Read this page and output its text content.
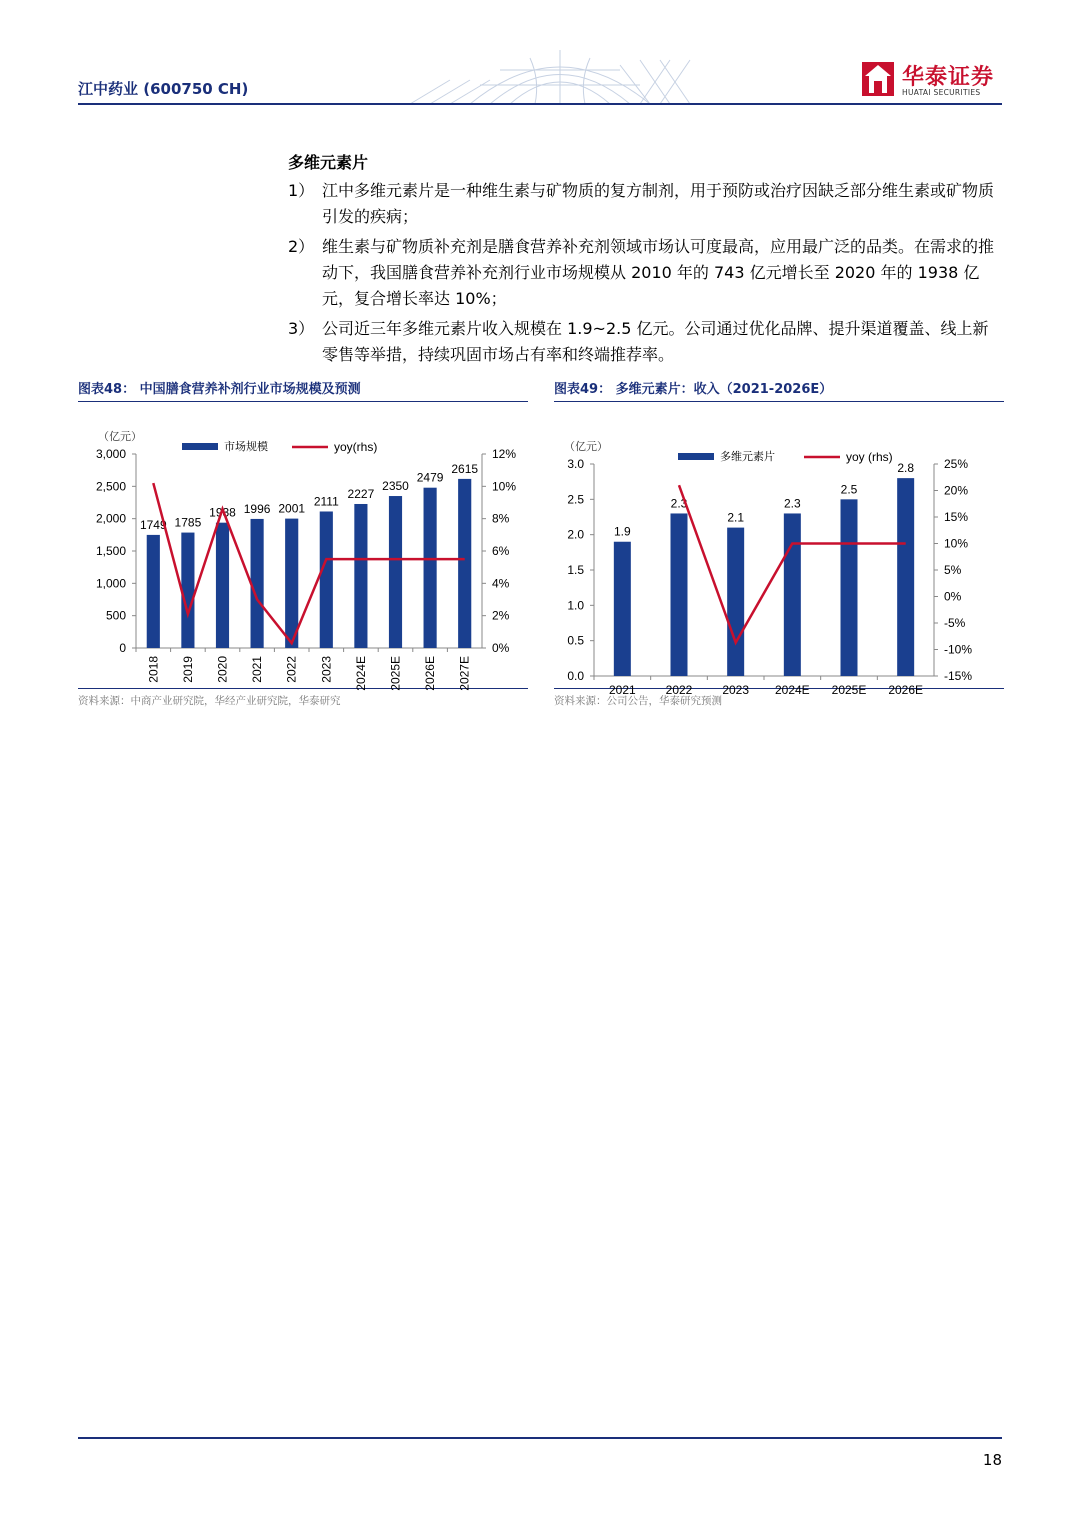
江中药业 (600750 CH)	华泰证券
HUATAI SECURITIES
多维元素片
1） 江中多维元素片是一种维生素与矿物质的复方制剂，用于预防或治疗因缺乏部分维生素或矿物质引发的疾病；
2） 维生素与矿物质补充剂是膳食营养补充剂领域市场认可度最高，应用最广泛的品类。在需求的推动下，我国膳食营养补充剂行业市场规模从 2010 年的 743 亿元增长至 2020 年的 1938 亿元，复合增长率达 10%；
3） 公司近三年多维元素片收入规模在 1.9~2.5 亿元。公司通过优化品牌、提升渠道覆盖、线上新零售等举措，持续巩固市场占有率和终端推荐率。
图表48： 中国膳食营养补剂行业市场规模及预测
（亿元）
0
500
1,000
1,500
2,000
2,500
3,000
0%
2%
4%
6%
8%
10%
12%
1749
2018
1785
2019
1938
2020
1996
2021
2001
2022
2111
2023
2227
2024E
2350
2025E
2479
2026E
2615
2027E
市场规模	yoy(rhs)
资料来源：中商产业研究院，华经产业研究院，华泰研究
图表49： 多维元素片：收入（2021-2026E）
（亿元）
0.0
0.5
1.0
1.5
2.0
2.5
3.0
-15%
-10%
-5%
0%
5%
10%
15%
20%
25%
1.9
2021
2.3
2022
2.1
2023
2.3
2024E
2.5
2025E
2.8
2026E
多维元素片	yoy (rhs)
资料来源：公司公告，华泰研究预测
18
